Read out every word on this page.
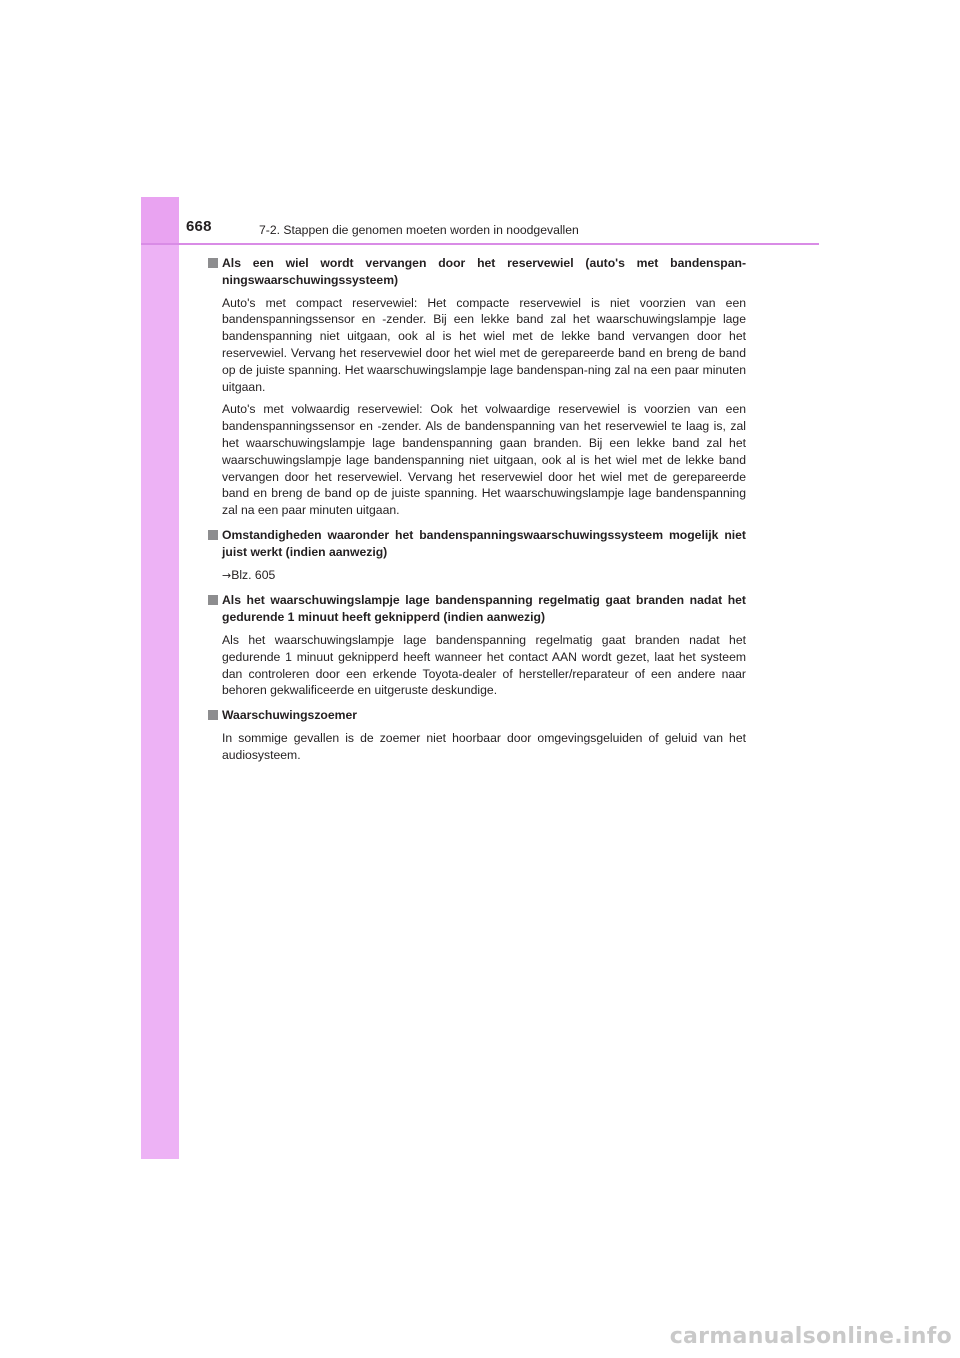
668	7-2. Stappen die genomen moeten worden in noodgevallen

Als een wiel wordt vervangen door het reservewiel (auto's met bandenspan-ningswaarschuwingssysteem)

Auto's met compact reservewiel: Het compacte reservewiel is niet voorzien van een bandenspanningssensor en -zender. Bij een lekke band zal het waarschuwingslampje lage bandenspanning niet uitgaan, ook al is het wiel met de lekke band vervangen door het reservewiel. Vervang het reservewiel door het wiel met de gerepareerde band en breng de band op de juiste spanning. Het waarschuwingslampje lage bandenspan-ning zal na een paar minuten uitgaan.

Auto's met volwaardig reservewiel: Ook het volwaardige reservewiel is voorzien van een bandenspanningssensor en -zender. Als de bandenspanning van het reservewiel te laag is, zal het waarschuwingslampje lage bandenspanning gaan branden. Bij een lekke band zal het waarschuwingslampje lage bandenspanning niet uitgaan, ook al is het wiel met de lekke band vervangen door het reservewiel. Vervang het reservewiel door het wiel met de gerepareerde band en breng de band op de juiste spanning. Het waarschuwingslampje lage bandenspanning zal na een paar minuten uitgaan.

Omstandigheden waaronder het bandenspanningswaarschuwingssysteem mogelijk niet juist werkt (indien aanwezig)

→Blz. 605

Als het waarschuwingslampje lage bandenspanning regelmatig gaat branden nadat het gedurende 1 minuut heeft geknipperd (indien aanwezig)

Als het waarschuwingslampje lage bandenspanning regelmatig gaat branden nadat het gedurende 1 minuut geknipperd heeft wanneer het contact AAN wordt gezet, laat het systeem dan controleren door een erkende Toyota-dealer of hersteller/reparateur of een andere naar behoren gekwalificeerde en uitgeruste deskundige.

Waarschuwingszoemer

In sommige gevallen is de zoemer niet hoorbaar door omgevingsgeluiden of geluid van het audiosysteem.

carmanualsonline.info
